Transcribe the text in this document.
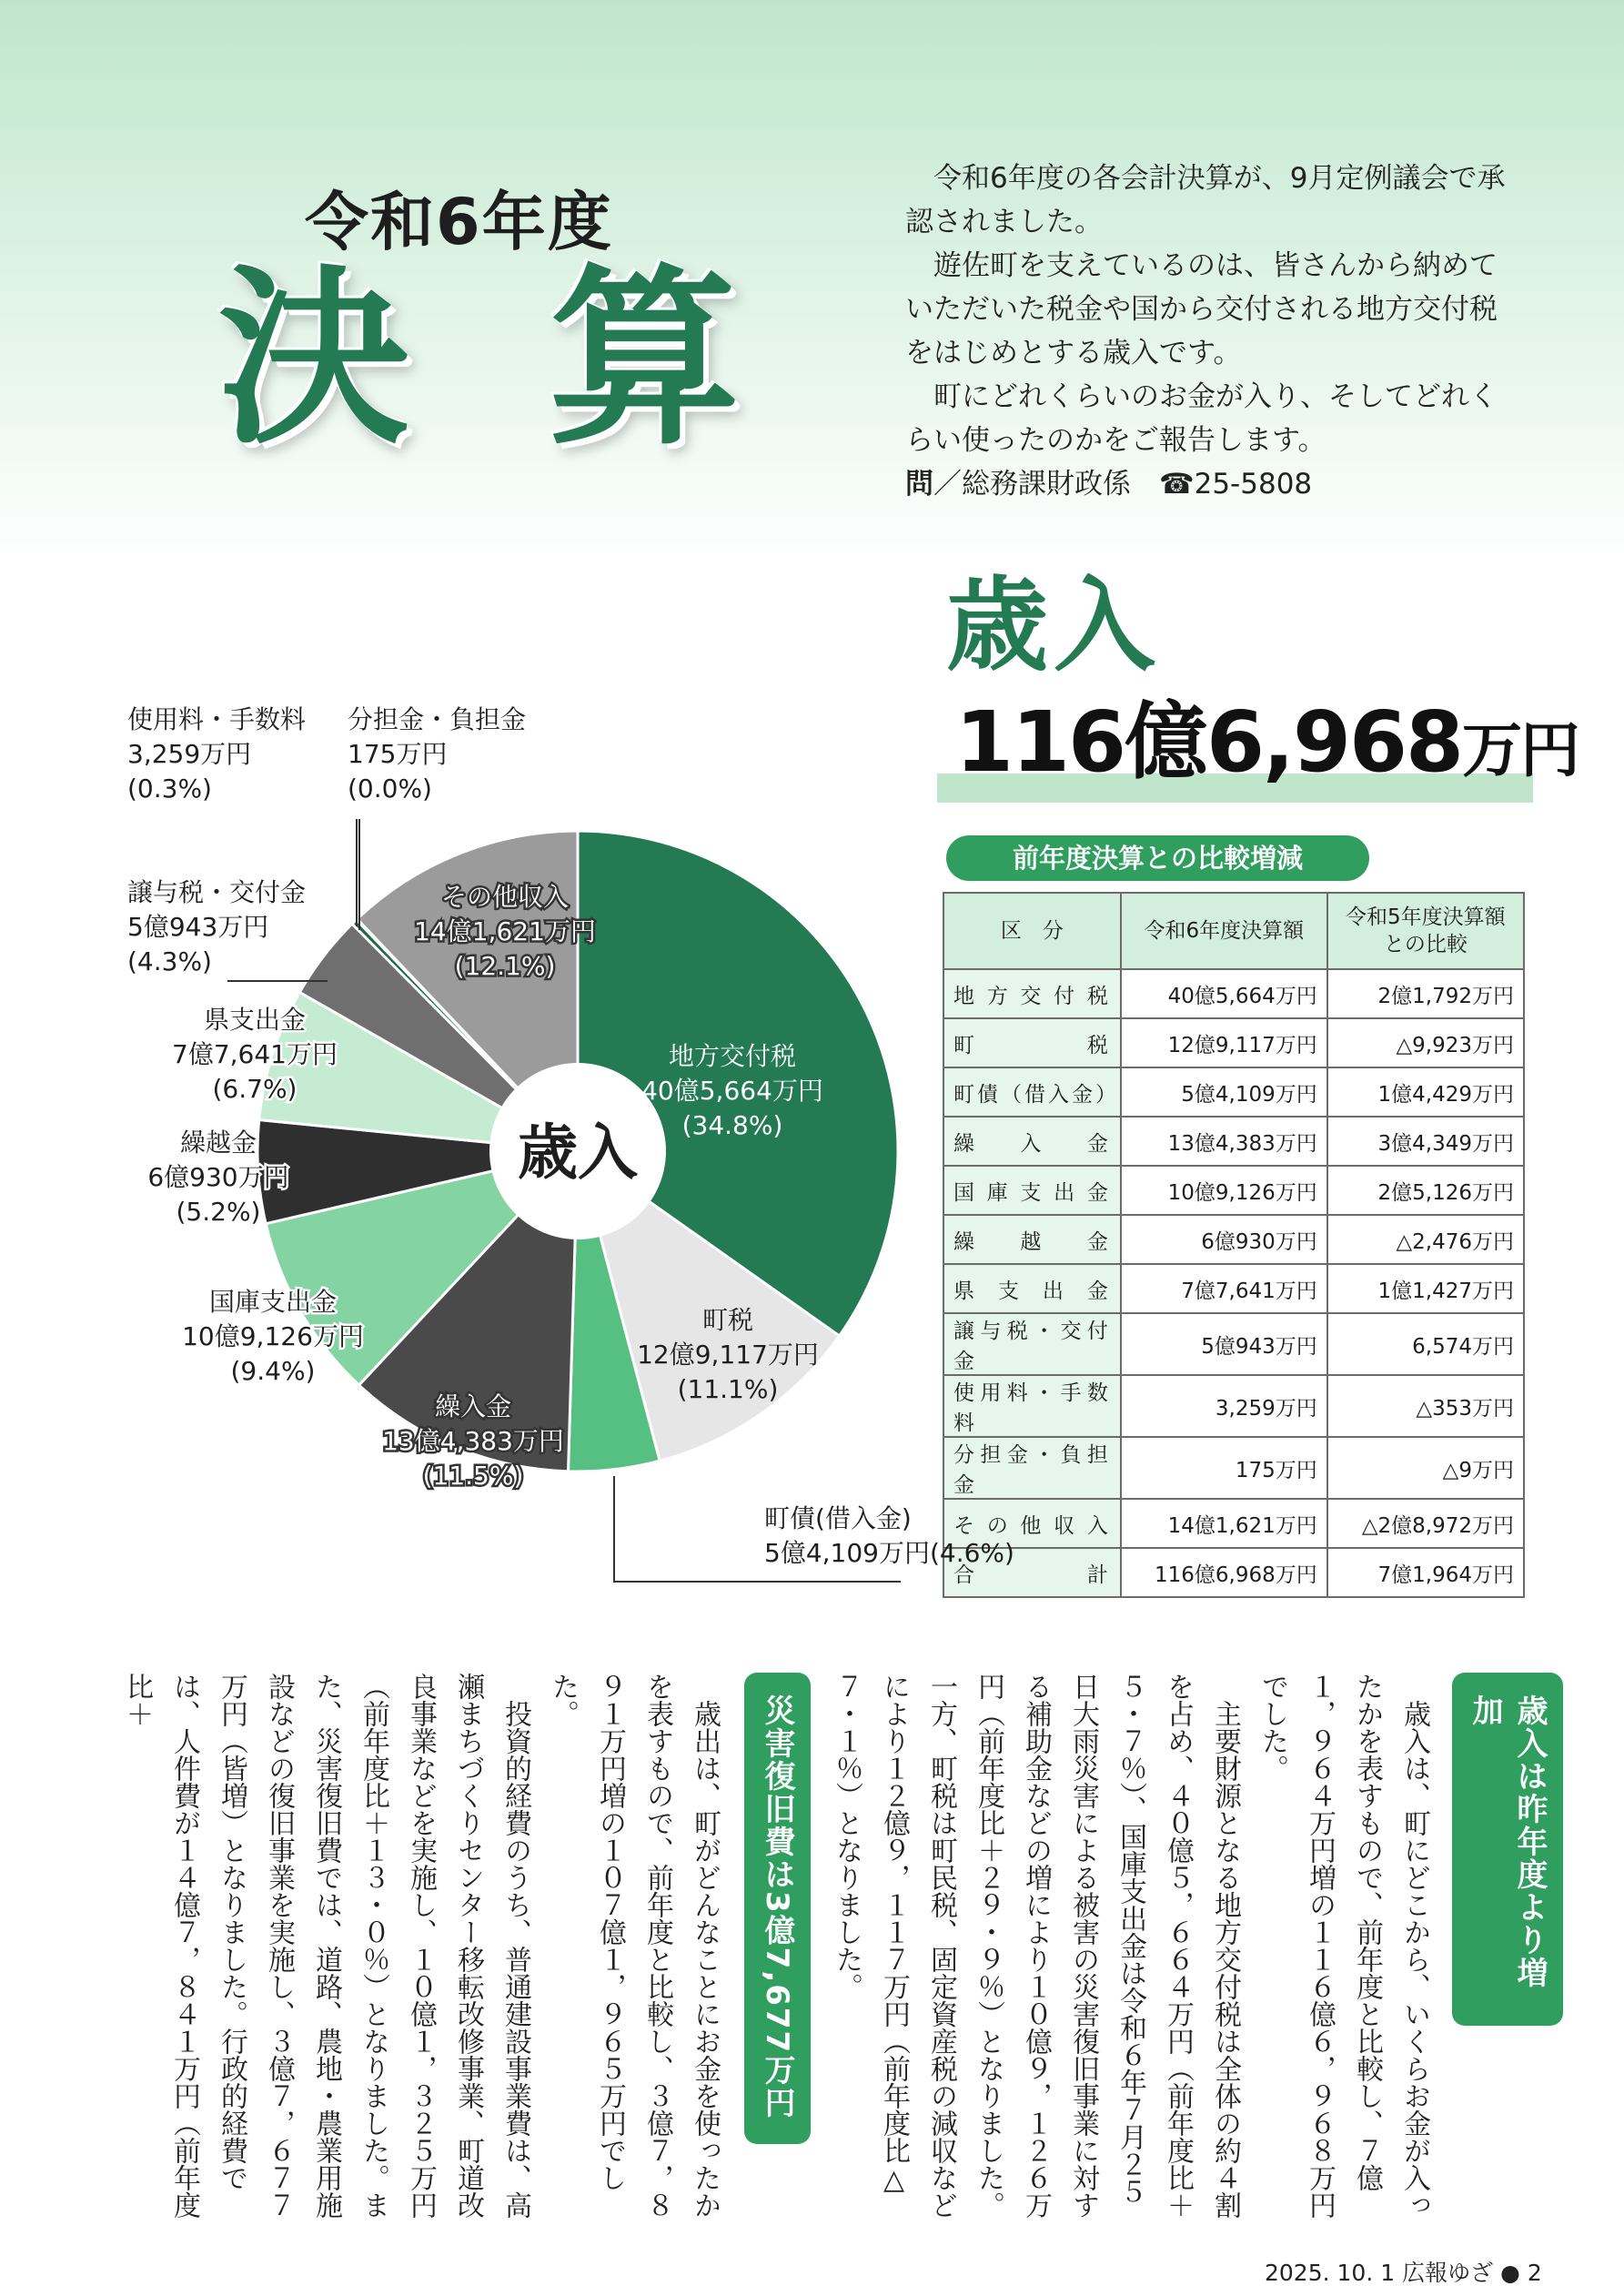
令和6年度
決 算

令和6年度の各会計決算が、9月定例議会で承認されました。

遊佐町を支えているのは、皆さんから納めていただいた税金や国から交付される地方交付税をはじめとする歳入です。

町にどれくらいのお金が入り、そしてどれくらい使ったのかをご報告します。

問／総務課財政係　 ☎25-5808

歳入
116億6,968万円
前年度決算との比較増減
区　分	令和6年度決算額	令和5年度決算額との比較
地方交付税	40億5,664万円	2億1,792万円
町税	12億9,117万円	△9,923万円
町債（借入金）	5億4,109万円	1億4,429万円
繰入金	13億4,383万円	3億4,349万円
国庫支出金	10億9,126万円	2億5,126万円
繰越金	6億930万円	△2,476万円
県支出金	7億7,641万円	1億1,427万円
譲与税・交付金	5億943万円	6,574万円
使用料・手数料	3,259万円	△353万円
分担金・負担金	175万円	△9万円
その他収入	14億1,621万円	△2億8,972万円
合計	116億6,968万円	7億1,964万円
歳入
地方交付税
40億5,664万円
(34.8%)
町税
12億9,117万円
(11.1%)
町債(借入金)
5億4,109万円(4.6%)
繰入金
13億4,383万円
(11.5%)
国庫支出金
10億9,126万円
(9.4%)
繰越金
6億930万円
(5.2%)
県支出金
7億7,641万円
(6.7%)
譲与税・交付金
5億943万円
(4.3%)
使用料・手数料
3,259万円
(0.3%)
分担金・負担金
175万円
(0.0%)
その他収入
14億1,621万円
(12.1%)
歳入は昨年度より増加

歳入は、町にどこから、いくらお金が入ったかを表すもので、前年度と比較し、７億１，９６４万円増の１１６億６，９６８万円でした。

主要財源となる地方交付税は全体の約４割を占め、４０億５，６６４万円（前年度比＋５・７％）、国庫支出金は令和６年７月２５日大雨災害による被害の災害復旧事業に対する補助金などの増により１０億９，１２６万円（前年度比＋２９・９％）となりました。一方、町税は町民税、固定資産税の減収などにより１２億９，１１７万円（前年度比△７・１％）となりました。

災害復旧費は3億7,677万円

歳出は、町がどんなことにお金を使ったかを表すもので、前年度と比較し、３億７，８９１万円増の１０７億１，９６５万円でした。

投資的経費のうち、普通建設事業費は、高瀬まちづくりセンター移転改修事業、町道改良事業などを実施し、１０億１，３２５万円（前年度比＋１３・０％）となりました。また、災害復旧費では、道路、農地・農業用施設などの復旧事業を実施し、３億７，６７７万円（皆増）となりました。行政的経費では、人件費が１４億７，８４１万円（前年度比＋

2025. 10. 1 広報ゆざ ● 2
